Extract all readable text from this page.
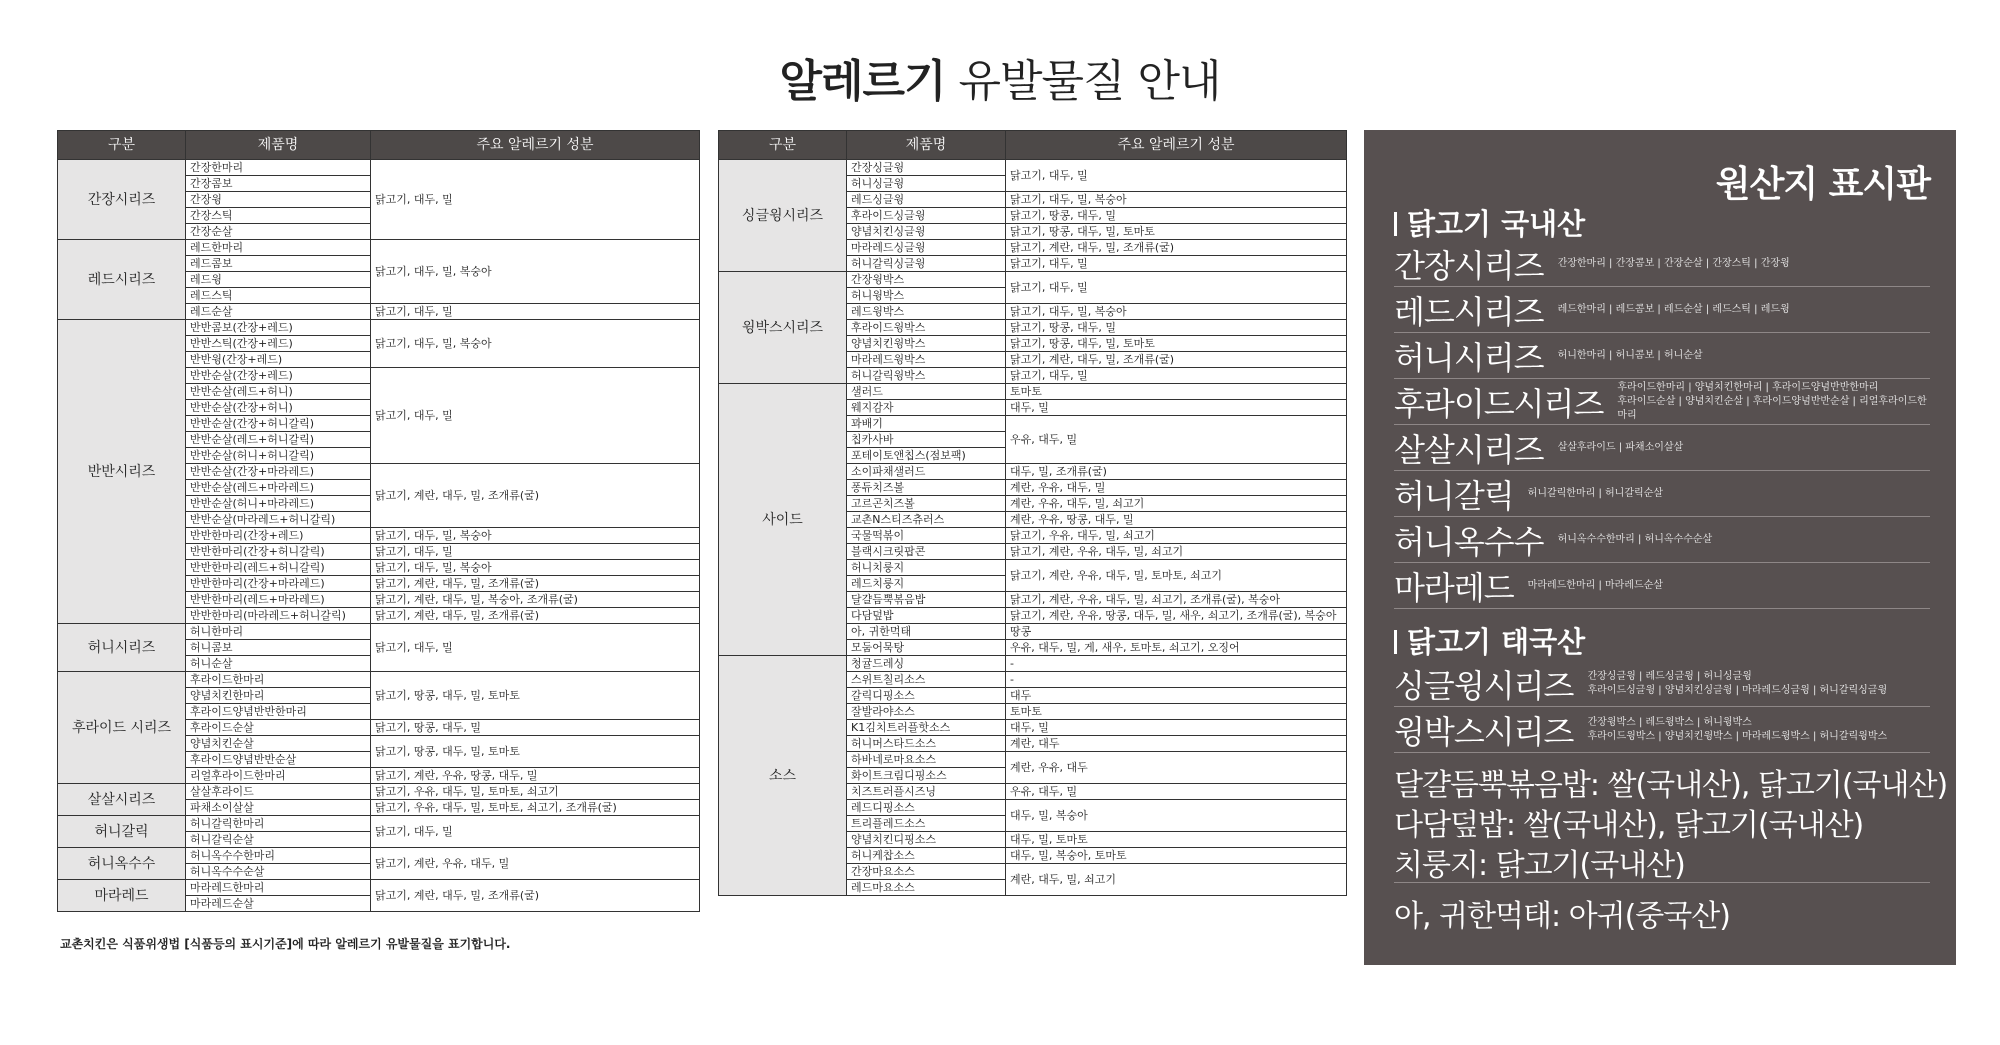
알레르기 유발물질 안내
구분	제품명	주요 알레르기 성분
간장시리즈	간장한마리	닭고기, 대두, 밀
	간장콤보	
	간장윙	
	간장스틱	
	간장순살	
레드시리즈	레드한마리	닭고기, 대두, 밀, 복숭아
	레드콤보	
	레드윙	
	레드스틱	
	레드순살	닭고기, 대두, 밀
반반시리즈	반반콤보(간장+레드)	닭고기, 대두, 밀, 복숭아
	반반스틱(간장+레드)	
	반반윙(간장+레드)	
	반반순살(간장+레드)	닭고기, 대두, 밀
	반반순살(레드+허니)	
	반반순살(간장+허니)	
	반반순살(간장+허니갈릭)	
	반반순살(레드+허니갈릭)	
	반반순살(허니+허니갈릭)	
	반반순살(간장+마라레드)	닭고기, 계란, 대두, 밀, 조개류(굴)
	반반순살(레드+마라레드)	
	반반순살(허니+마라레드)	
	반반순살(마라레드+허니갈릭)	
	반반한마리(간장+레드)	닭고기, 대두, 밀, 복숭아
	반반한마리(간장+허니갈릭)	닭고기, 대두, 밀
	반반한마리(레드+허니갈릭)	닭고기, 대두, 밀, 복숭아
	반반한마리(간장+마라레드)	닭고기, 계란, 대두, 밀, 조개류(굴)
	반반한마리(레드+마라레드)	닭고기, 계란, 대두, 밀, 복숭아, 조개류(굴)
	반반한마리(마라레드+허니갈릭)	닭고기, 계란, 대두, 밀, 조개류(굴)
허니시리즈	허니한마리	닭고기, 대두, 밀
	허니콤보	
	허니순살	
후라이드 시리즈	후라이드한마리	닭고기, 땅콩, 대두, 밀, 토마토
	양념치킨한마리	
	후라이드양념반반한마리	
	후라이드순살	닭고기, 땅콩, 대두, 밀
	양념치킨순살	닭고기, 땅콩, 대두, 밀, 토마토
	후라이드양념반반순살	
	리얼후라이드한마리	닭고기, 계란, 우유, 땅콩, 대두, 밀
살살시리즈	살살후라이드	닭고기, 우유, 대두, 밀, 토마토, 쇠고기
	파채소이살살	닭고기, 우유, 대두, 밀, 토마토, 쇠고기, 조개류(굴)
허니갈릭	허니갈릭한마리	닭고기, 대두, 밀
	허니갈릭순살	
허니옥수수	허니옥수수한마리	닭고기, 계란, 우유, 대두, 밀
	허니옥수수순살	
마라레드	마라레드한마리	닭고기, 계란, 대두, 밀, 조개류(굴)
	마라레드순살	
구분	제품명	주요 알레르기 성분
싱글윙시리즈	간장싱글윙	닭고기, 대두, 밀
	허니싱글윙	
	레드싱글윙	닭고기, 대두, 밀, 복숭아
	후라이드싱글윙	닭고기, 땅콩, 대두, 밀
	양념치킨싱글윙	닭고기, 땅콩, 대두, 밀, 토마토
	마라레드싱글윙	닭고기, 계란, 대두, 밀, 조개류(굴)
	허니갈릭싱글윙	닭고기, 대두, 밀
윙박스시리즈	간장윙박스	닭고기, 대두, 밀
	허니윙박스	
	레드윙박스	닭고기, 대두, 밀, 복숭아
	후라이드윙박스	닭고기, 땅콩, 대두, 밀
	양념치킨윙박스	닭고기, 땅콩, 대두, 밀, 토마토
	마라레드윙박스	닭고기, 계란, 대두, 밀, 조개류(굴)
	허니갈릭윙박스	닭고기, 대두, 밀
사이드	샐러드	토마토
	웨지감자	대두, 밀
	꽈배기	우유, 대두, 밀
	칩카사바	
	포테이토앤칩스(점보팩)	
	소이파채샐러드	대두, 밀, 조개류(굴)
	퐁듀치즈볼	계란, 우유, 대두, 밀
	고르곤치즈볼	계란, 우유, 대두, 밀, 쇠고기
	교촌N스티즈츄러스	계란, 우유, 땅콩, 대두, 밀
	국물떡볶이	닭고기, 우유, 대두, 밀, 쇠고기
	블랙시크릿팝콘	닭고기, 계란, 우유, 대두, 밀, 쇠고기
	허니치룽지	닭고기, 계란, 우유, 대두, 밀, 토마토, 쇠고기
	레드치룽지	
	달걀듬뿍볶음밥	닭고기, 계란, 우유, 대두, 밀, 쇠고기, 조개류(굴), 복숭아
	다담덮밥	닭고기, 계란, 우유, 땅콩, 대두, 밀, 새우, 쇠고기, 조개류(굴), 복숭아
	아, 귀한먹태	땅콩
	모둠어묵탕	우유, 대두, 밀, 게, 새우, 토마토, 쇠고기, 오징어
소스	청귤드레싱	-
	스위트칠리소스	-
	갈릭디핑소스	대두
	잘발라야소스	토마토
	K1김치트러플핫소스	대두, 밀
	허니머스타드소스	계란, 대두
	하바네로마요소스	계란, 우유, 대두
	화이트크림디핑소스	
	치즈트러플시즈닝	우유, 대두, 밀
	레드디핑소스	대두, 밀, 복숭아
	트리플레드소스	
	양념치킨디핑소스	대두, 밀, 토마토
	허니케찹소스	대두, 밀, 복숭아, 토마토
	간장마요소스	계란, 대두, 밀, 쇠고기
	레드마요소스	
교촌치킨은 식품위생법 [식품등의 표시기준]에 따라 알레르기 유발물질을 표기합니다.
원산지 표시판
닭고기 국내산
간장시리즈 간장한마리 | 간장콤보 | 간장순살 | 간장스틱 | 간장윙
레드시리즈 레드한마리 | 레드콤보 | 레드순살 | 레드스틱 | 레드윙
허니시리즈 허니한마리 | 허니콤보 | 허니순살
후라이드시리즈 후라이드한마리 | 양념치킨한마리 | 후라이드양념반반한마리
후라이드순살 | 양념치킨순살 | 후라이드양념반반순살 | 리얼후라이드한마리
살살시리즈 살살후라이드 | 파채소이살살
허니갈릭 허니갈릭한마리 | 허니갈릭순살
허니옥수수 허니옥수수한마리 | 허니옥수수순살
마라레드 마라레드한마리 | 마라레드순살
닭고기 태국산
싱글윙시리즈 간장싱글윙 | 레드싱글윙 | 허니싱글윙
후라이드싱글윙 | 양념치킨싱글윙 | 마라레드싱글윙 | 허니갈릭싱글윙
윙박스시리즈 간장윙박스 | 레드윙박스 | 허니윙박스
후라이드윙박스 | 양념치킨윙박스 | 마라레드윙박스 | 허니갈릭윙박스
달걀듬뿍볶음밥: 쌀(국내산), 닭고기(국내산)
다담덮밥: 쌀(국내산), 닭고기(국내산)
치룽지: 닭고기(국내산)
아, 귀한먹태: 아귀(중국산)
